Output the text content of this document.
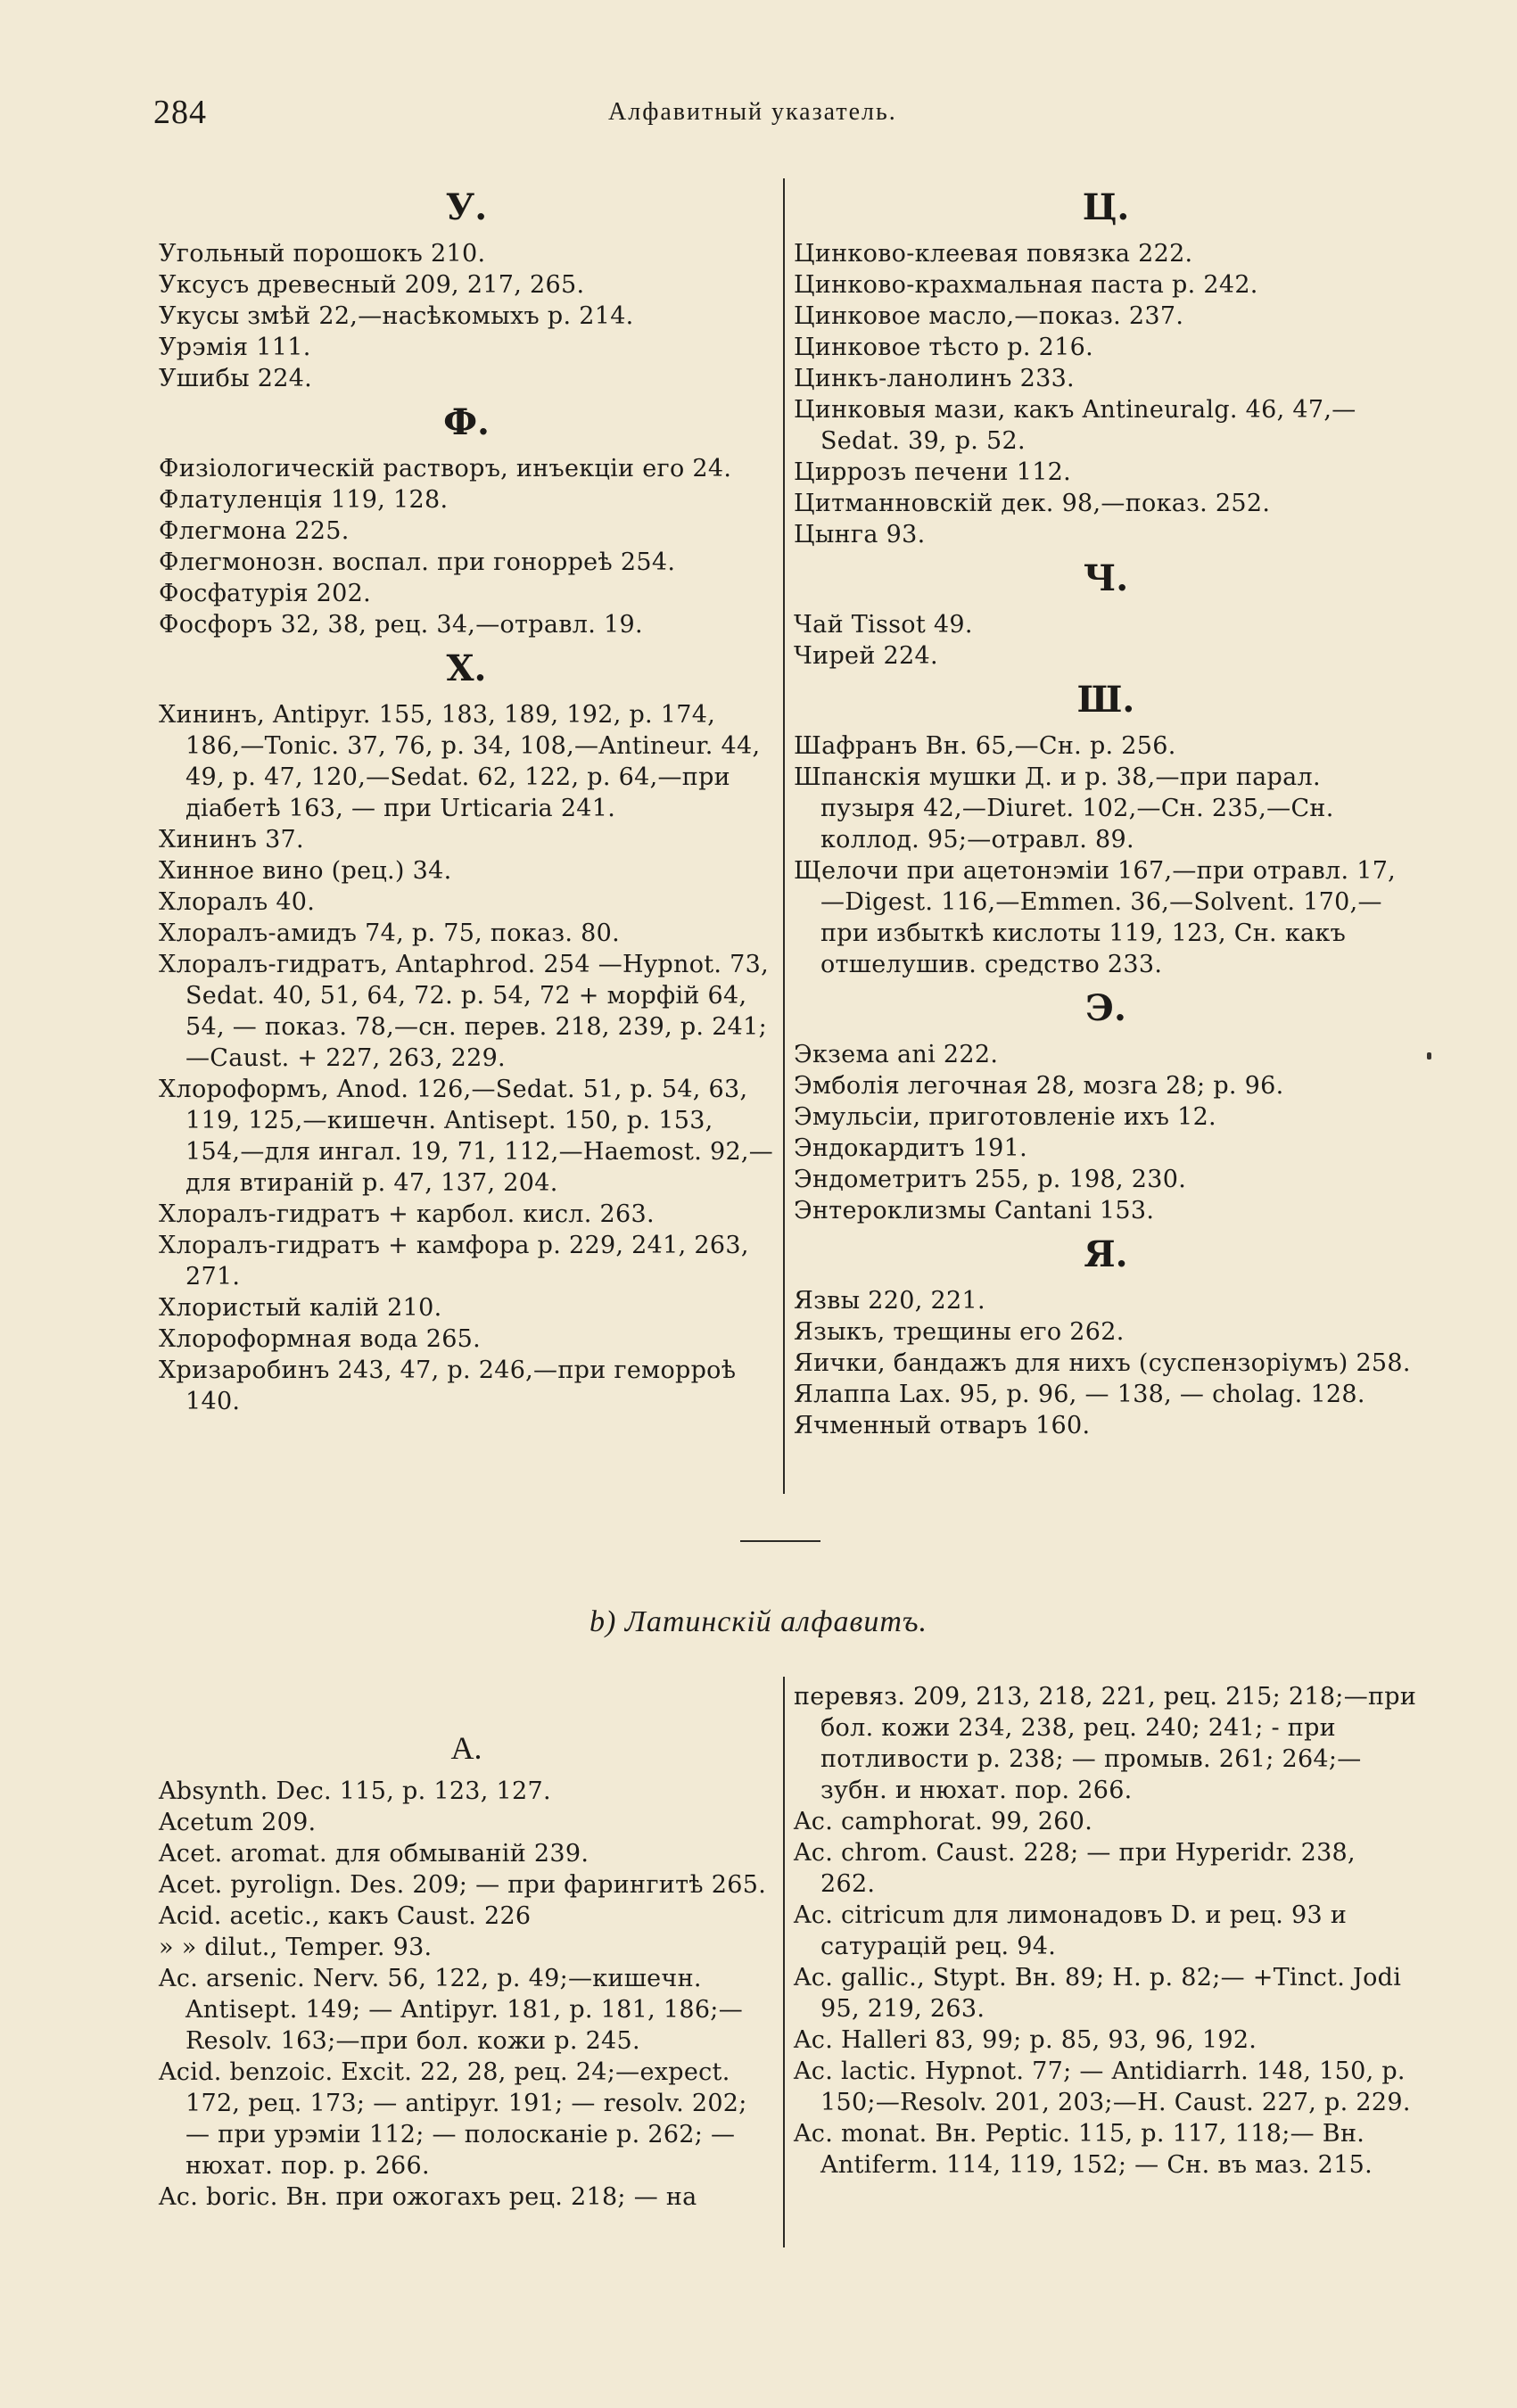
284	Алфавитный указатель.
У.
Угольный порошокъ 210.
Уксусъ древесный 209, 217, 265.
Укусы змѣй 22,—насѣкомыхъ р. 214.
Урэмія 111.
Ушибы 224.
Ф.
Физіологическій растворъ, инъекціи его 24.
Флатуленція 119, 128.
Флегмона 225.
Флегмонозн. воспал. при гонорреѣ 254.
Фосфатурія 202.
Фосфоръ 32, 38, рец. 34,—отравл. 19.
Х.
Хининъ, Antipyr. 155, 183, 189, 192, р. 174, 186,—Tonic. 37, 76, р. 34, 108,—Antineur. 44, 49, р. 47, 120,—Sedat. 62, 122, р. 64,—при діабетѣ 163, — при Urticaria 241.
Хининъ 37.
Хинное вино (рец.) 34.
Хлоралъ 40.
Хлоралъ-амидъ 74, р. 75, показ. 80.
Хлоралъ-гидратъ, Antaphrod. 254 —Hypnot. 73, Sedat. 40, 51, 64, 72. р. 54, 72 + морфій 64, 54, — показ. 78,—сн. перев. 218, 239, р. 241;—Caust. + 227, 263, 229.
Хлороформъ, Anod. 126,—Sedat. 51, р. 54, 63, 119, 125,—кишечн. Antisept. 150, р. 153, 154,—для ингал. 19, 71, 112,—Haemost. 92,—для втираній р. 47, 137, 204.
Хлоралъ-гидратъ + карбол. кисл. 263.
Хлоралъ-гидратъ + камфора р. 229, 241, 263, 271.
Хлористый калій 210.
Хлороформная вода 265.
Хризаробинъ 243, 47, р. 246,—при геморроѣ 140.
Ц.
Цинково-клеевая повязка 222.
Цинково-крахмальная паста р. 242.
Цинковое масло,—показ. 237.
Цинковое тѣсто р. 216.
Цинкъ-ланолинъ 233.
Цинковыя мази, какъ Antineuralg. 46, 47,—Sedat. 39, р. 52.
Циррозъ печени 112.
Цитманновскій дек. 98,—показ. 252.
Цынга 93.
Ч.
Чай Tissot 49.
Чирей 224.
Ш.
Шафранъ Вн. 65,—Сн. р. 256.
Шпанскія мушки Д. и р. 38,—при парал. пузыря 42,—Diuret. 102,—Сн. 235,—Сн. коллод. 95;—отравл. 89.
Щелочи при ацетонэміи 167,—при отравл. 17,—Digest. 116,—Emmen. 36,—Solvent. 170,—при избыткѣ кислоты 119, 123, Сн. какъ отшелушив. средство 233.
Э.
Экзема ani 222.
Эмболія легочная 28, мозга 28; р. 96.
Эмульсіи, приготовленіе ихъ 12.
Эндокардитъ 191.
Эндометритъ 255, р. 198, 230.
Энтероклизмы Cantani 153.
Я.
Язвы 220, 221.
Языкъ, трещины его 262.
Яички, бандажъ для нихъ (суспензоріумъ) 258.
Ялаппа Lax. 95, р. 96, — 138, — cholag. 128.
Ячменный отваръ 160.
b) Латинскій алфавитъ.
A.
Absynth. Dec. 115, р. 123, 127.
Acetum 209.
Acet. aromat. для обмыванiй 239.
Acet. pyrolign. Des. 209; — при фарингитѣ 265.
Acid. acetic., какъ Caust. 226
» » dilut., Temper. 93.
Ac. arsenic. Nerv. 56, 122, р. 49;—кишечн. Antisept. 149; — Antipyr. 181, р. 181, 186;—Resolv. 163;—при бол. кожи р. 245.
Acid. benzoic. Excit. 22, 28, рец. 24;—expect. 172, рец. 173; — antipyr. 191; — resolv. 202; — при урэміи 112; — полосканіе р. 262; — нюхат. пор. р. 266.
Ac. boric. Вн. при ожогахъ рец. 218; — на
перевяз. 209, 213, 218, 221, рец. 215; 218;—при бол. кожи 234, 238, рец. 240; 241; - при потливости р. 238; — промыв. 261; 264;—зубн. и нюхат. пор. 266.
Ac. camphorat. 99, 260.
Ac. chrom. Caust. 228; — при Hyperidr. 238, 262.
Ac. citricum для лимонадовъ D. и рец. 93 и сатурацій рец. 94.
Ac. gallic., Stypt. Вн. 89; Н. р. 82;— +Tinct. Jodi 95, 219, 263.
Ac. Halleri 83, 99; р. 85, 93, 96, 192.
Ac. lactic. Hypnot. 77; — Antidiarrh. 148, 150, р. 150;—Resolv. 201, 203;—Н. Caust. 227, р. 229.
Ac. monat. Вн. Peptic. 115, р. 117, 118;— Вн. Antiferm. 114, 119, 152; — Сн. въ маз. 215.
